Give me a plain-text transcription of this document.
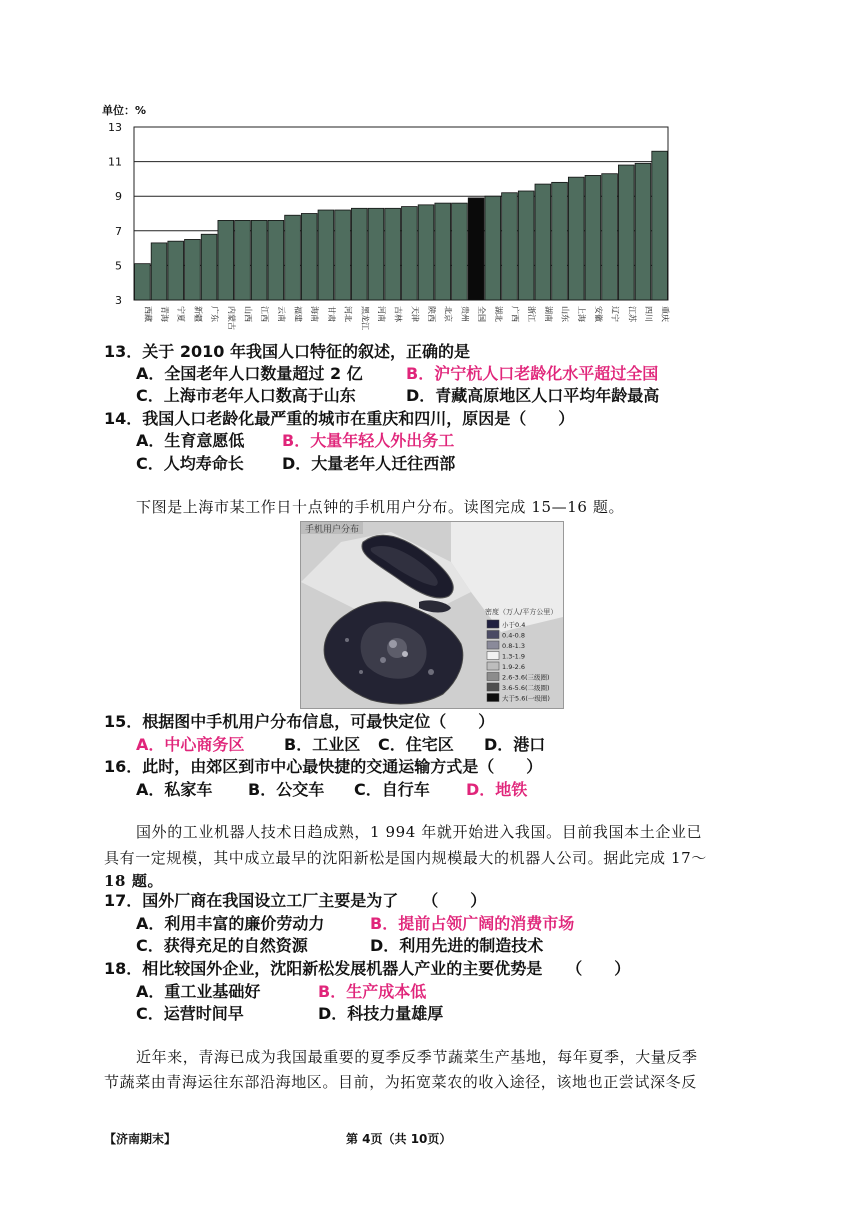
单位：%
3
5
7
9
11
13
西藏 青海 宁夏 新疆 广东 内蒙古 山西 江西 云南 福建 海南 甘肃 河北 黑龙江 河南 吉林 天津 陕西 北京 贵州 全国 湖北 广西 浙江 湖南 山东 上海 安徽 辽宁 江苏 四川 重庆
13．关于 2010 年我国人口特征的叙述，正确的是
A．全国老年人口数量超过 2 亿	B．沪宁杭人口老龄化水平超过全国
C．上海市老年人口数高于山东	D．青藏高原地区人口平均年龄最高
14．我国人口老龄化最严重的城市在重庆和四川，原因是（　　）
A．生育意愿低 B．大量年轻人外出务工
C．人均寿命长 D．大量老年人迁往西部
下图是上海市某工作日十点钟的手机用户分布。读图完成 15—16 题。
手机用户分布
密度（万人/平方公里）
小于0.4
0.4-0.8
0.8-1.3
1.3-1.9
1.9-2.6
2.6-3.6(三级圈)
3.6-5.6(二级圈)
大于5.6(一级圈)
15．根据图中手机用户分布信息，可最快定位（　　）
A．中心商务区 B．工业区 C．住宅区 D．港口
16．此时，由郊区到市中心最快捷的交通运输方式是（　　）
A．私家车 B．公交车 C．自行车 D．地铁
国外的工业机器人技术日趋成熟，1 994 年就开始进入我国。目前我国本土企业已
具有一定规模，其中成立最早的沈阳新松是国内规模最大的机器人公司。据此完成 17～
18 题。
17．国外厂商在我国设立工厂主要是为了　　（　　）
A．利用丰富的廉价劳动力	B．提前占领广阔的消费市场
C．获得充足的自然资源	D．利用先进的制造技术
18．相比较国外企业，沈阳新松发展机器人产业的主要优势是　　（　　）
A．重工业基础好	B．生产成本低
C．运营时间早	D．科技力量雄厚
近年来，青海已成为我国最重要的夏季反季节蔬菜生产基地，每年夏季，大量反季
节蔬菜由青海运往东部沿海地区。目前，为拓宽菜农的收入途径，该地也正尝试深冬反
【济南期末】	第 4页（共 10页）
